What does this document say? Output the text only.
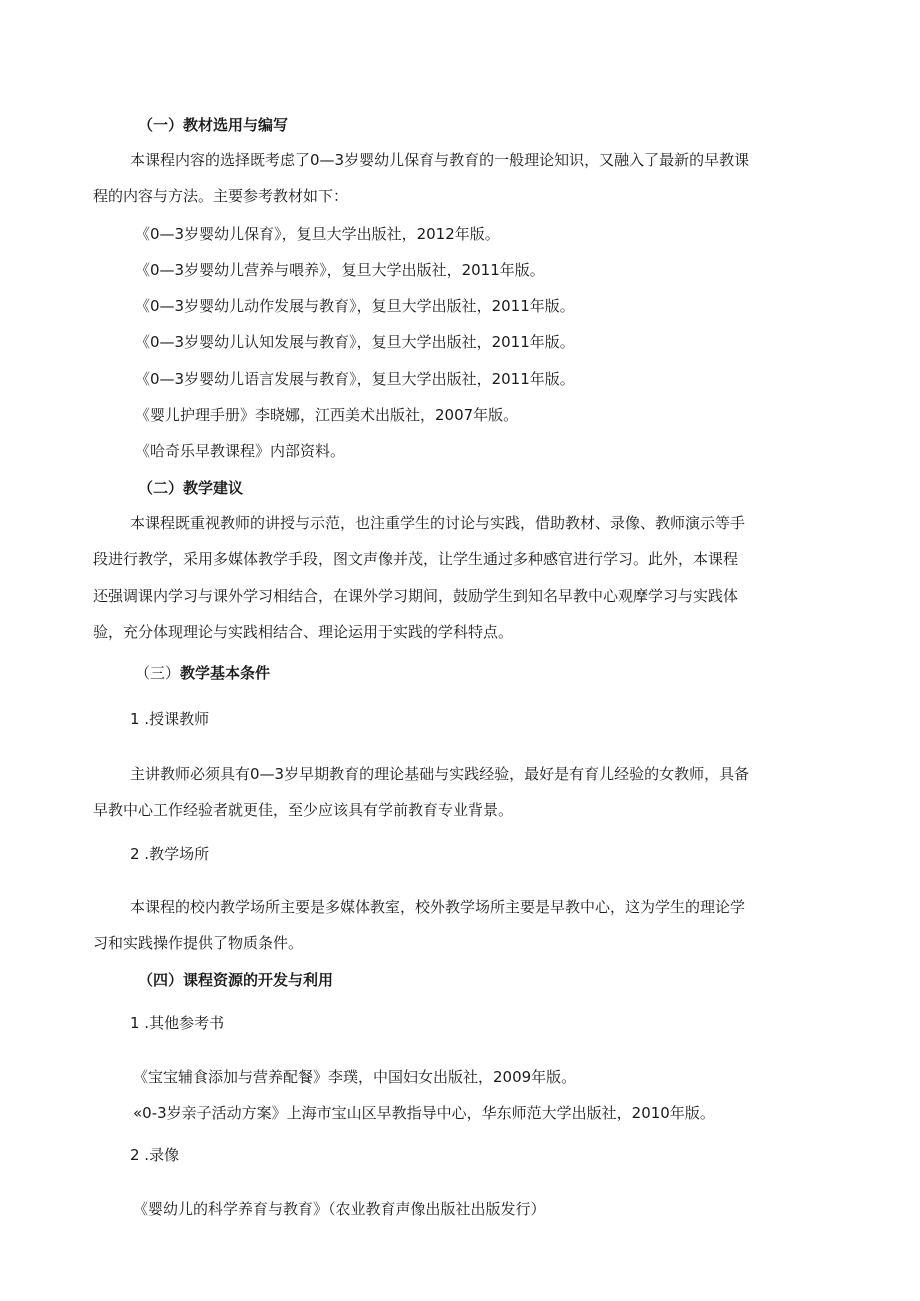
（一）教材选用与编写
本课程内容的选择既考虑了0—3岁婴幼儿保育与教育的一般理论知识，又融入了最新的早教课
程的内容与方法。主要参考教材如下：
《0—3岁婴幼儿保育》，复旦大学出版社，2012年版。
《0—3岁婴幼儿营养与喂养》，复旦大学出版社，2011年版。
《0—3岁婴幼儿动作发展与教育》，复旦大学出版社，2011年版。
《0—3岁婴幼儿认知发展与教育》，复旦大学出版社，2011年版。
《0—3岁婴幼儿语言发展与教育》，复旦大学出版社，2011年版。
《婴儿护理手册》李晓娜，江西美术出版社，2007年版。
《哈奇乐早教课程》内部资料。
（二）教学建议
本课程既重视教师的讲授与示范，也注重学生的讨论与实践，借助教材、录像、教师演示等手
段进行教学，采用多媒体教学手段，图文声像并茂，让学生通过多种感官进行学习。此外，本课程
还强调课内学习与课外学习相结合，在课外学习期间，鼓励学生到知名早教中心观摩学习与实践体
验，充分体现理论与实践相结合、理论运用于实践的学科特点。
（三）教学基本条件
1 .授课教师
主讲教师必须具有0—3岁早期教育的理论基础与实践经验，最好是有育儿经验的女教师，具备
早教中心工作经验者就更佳，至少应该具有学前教育专业背景。
2 .教学场所
本课程的校内教学场所主要是多媒体教室，校外教学场所主要是早教中心，这为学生的理论学
习和实践操作提供了物质条件。
（四）课程资源的开发与利用
1 .其他参考书
《宝宝辅食添加与营养配餐》李璞，中国妇女出版社，2009年版。
«0-3岁亲子活动方案》上海市宝山区早教指导中心，华东师范大学出版社，2010年版。
2 .录像
《婴幼儿的科学养育与教育》（农业教育声像出版社出版发行）
